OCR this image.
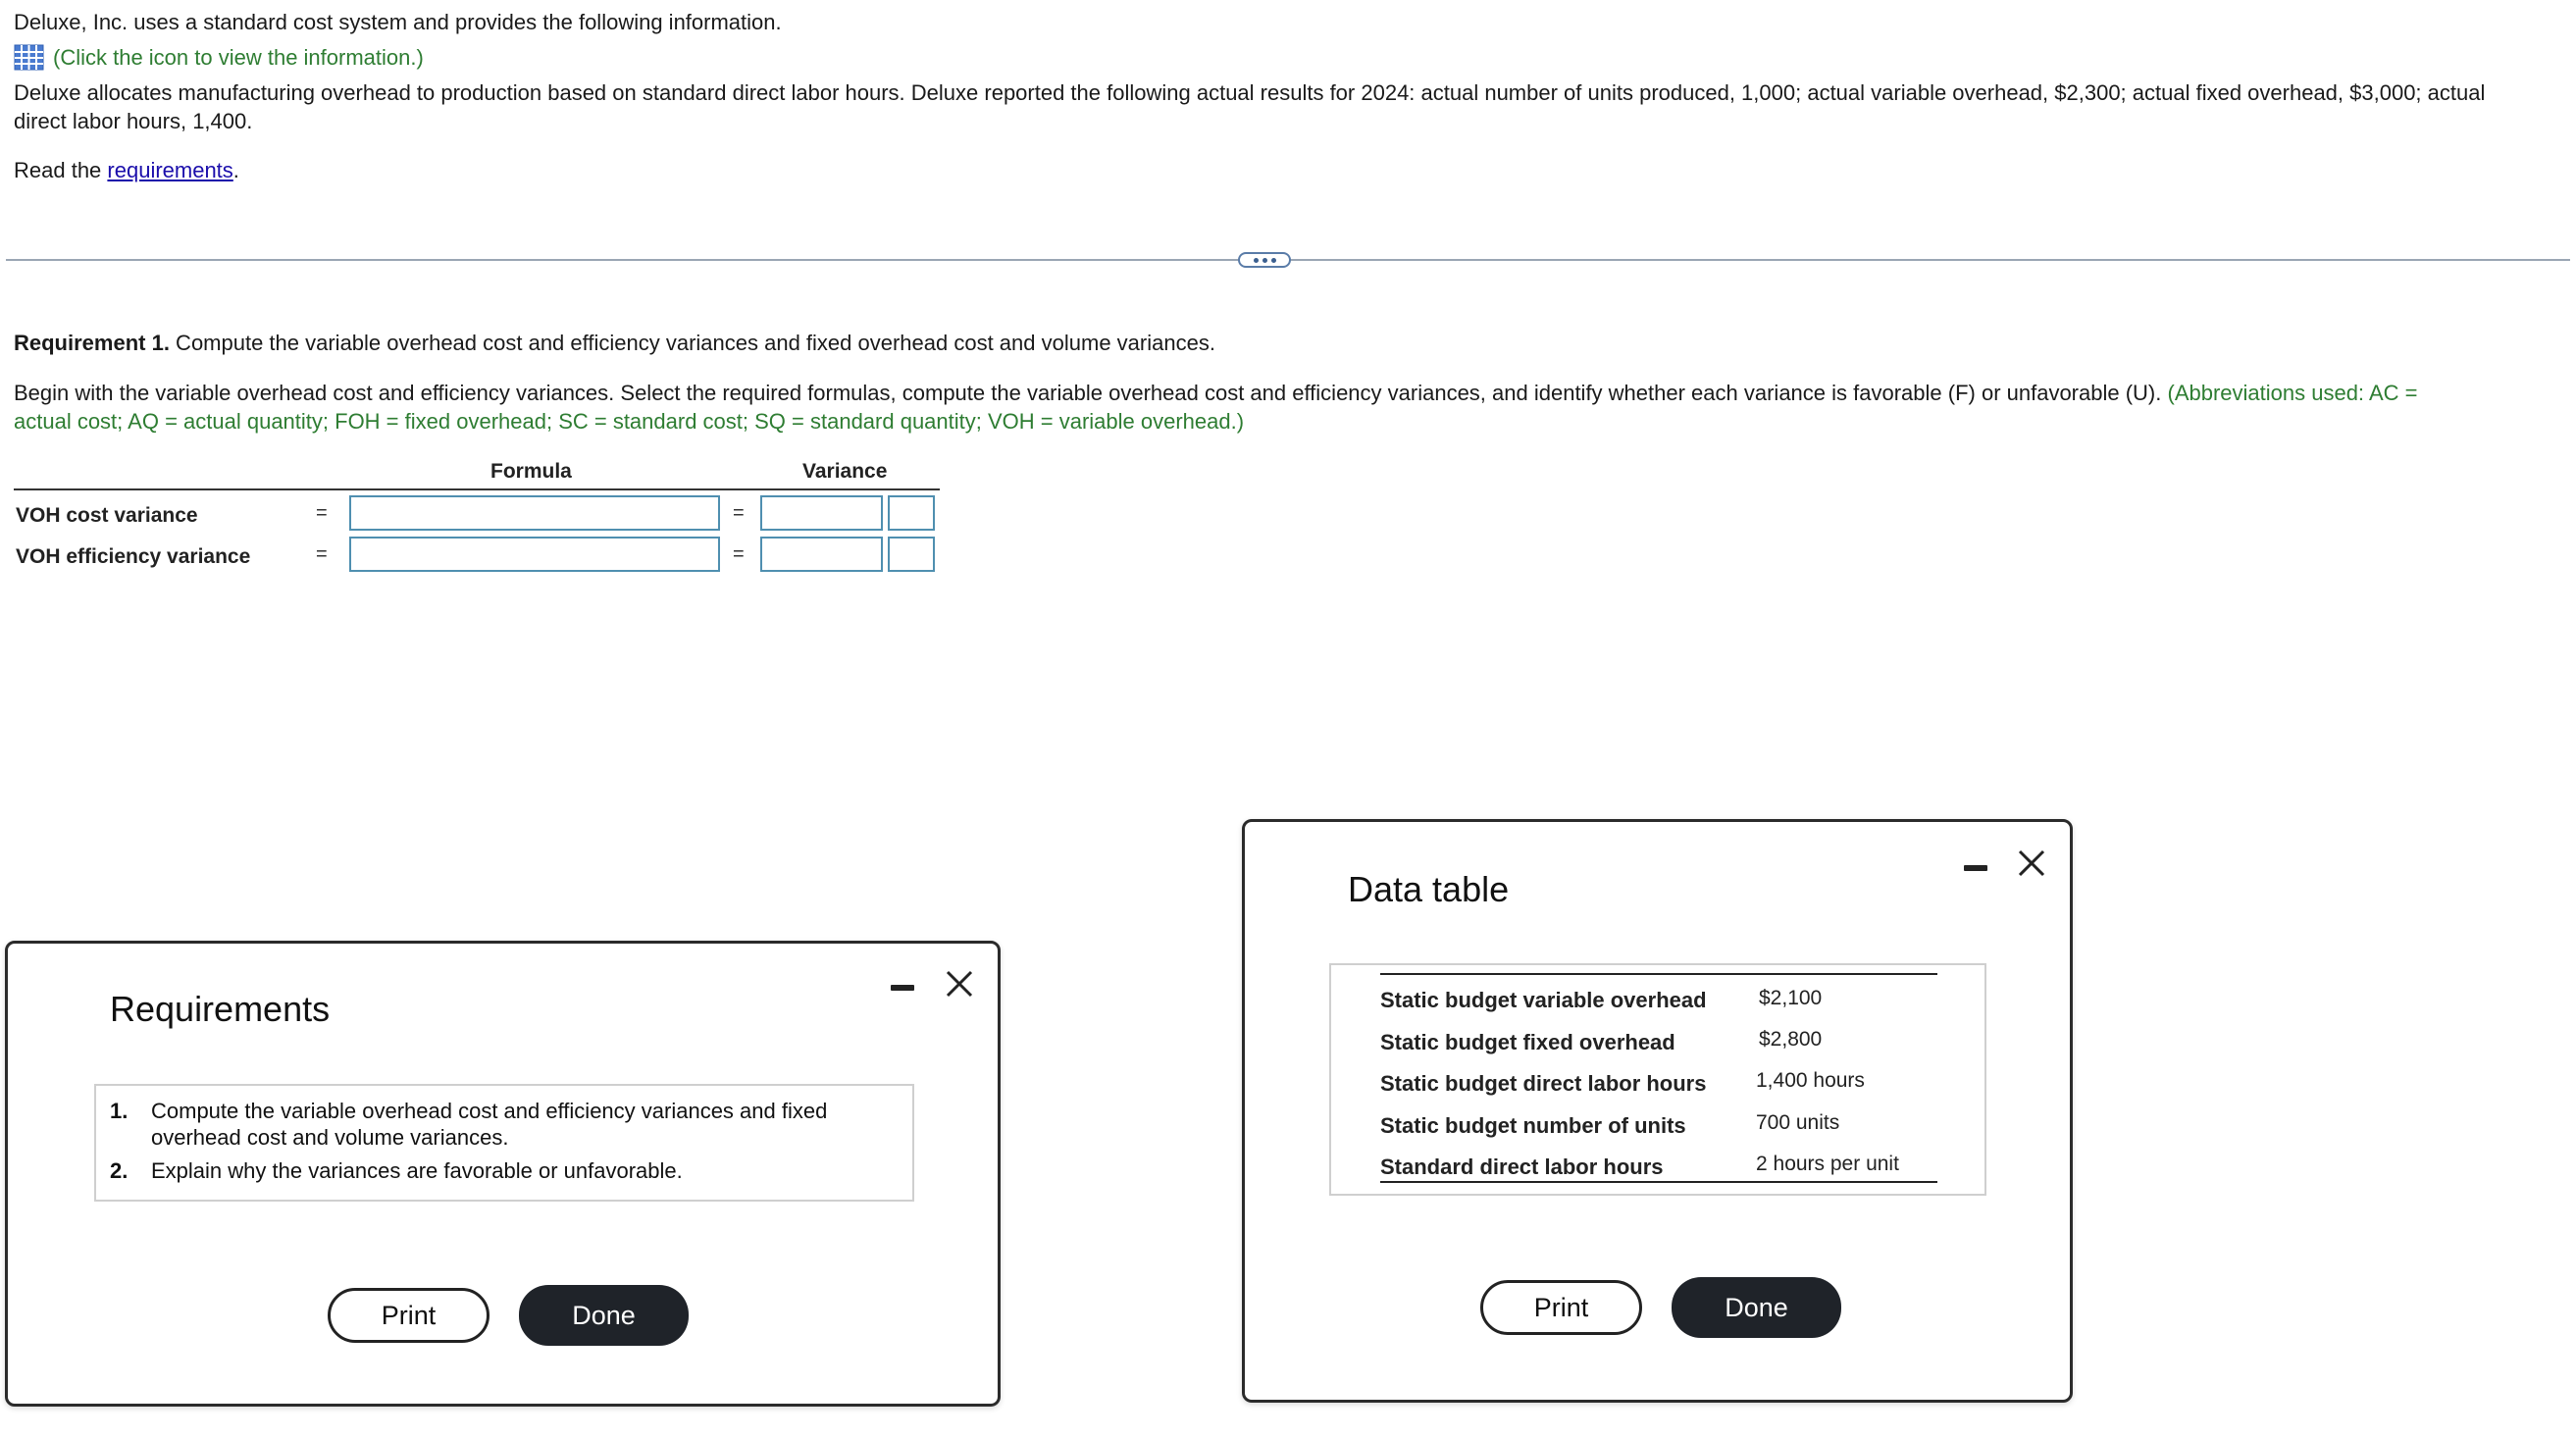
Deluxe, Inc. uses a standard cost system and provides the following information.
(Click the icon to view the information.)
Deluxe allocates manufacturing overhead to production based on standard direct labor hours. Deluxe reported the following actual results for 2024: actual number of units produced, 1,000; actual variable overhead, $2,300; actual fixed overhead, $3,000; actual
direct labor hours, 1,400.
Read the requirements.
Requirement 1. Compute the variable overhead cost and efficiency variances and fixed overhead cost and volume variances.
Begin with the variable overhead cost and efficiency variances. Select the required formulas, compute the variable overhead cost and efficiency variances, and identify whether each variance is favorable (F) or unfavorable (U). (Abbreviations used: AC =
actual cost; AQ = actual quantity; FOH = fixed overhead; SC = standard cost; SQ = standard quantity; VOH = variable overhead.)
Formula	Variance
VOH cost variance	=	=
VOH efficiency variance	=	=
Requirements
1. Compute the variable overhead cost and efficiency variances and fixed
overhead cost and volume variances.
2. Explain why the variances are favorable or unfavorable.
Print	Done
Data table
Static budget variable overhead	$2,100
Static budget fixed overhead	$2,800
Static budget direct labor hours 1,400 hours
Static budget number of units	700 units
Standard direct labor hours	2 hours per unit
Print	Done
